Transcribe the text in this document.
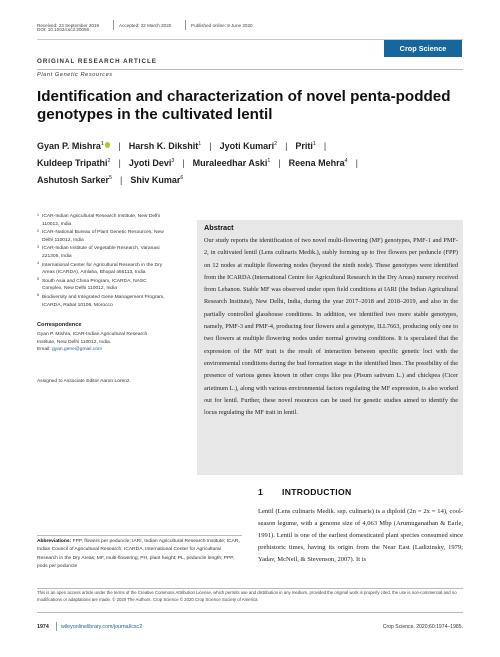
Received: 23 September 2019	Accepted: 22 March 2020	Published online: 9 June 2020
DOI: 10.1002/csc2.20056
Crop Science
ORIGINAL RESEARCH ARTICLE
Plant Genetic Resources
Identification and characterization of novel penta-podded genotypes in the cultivated lentil
Gyan P. Mishra$^1$ | Harsh K. Dikshit$^1$ | Jyoti Kumari$^2$ | Priti$^1$ |
Kuldeep Tripathi$^2$ | Jyoti Devi$^3$ | Muraleedhar Aski$^1$ | Reena Mehra$^4$ |
Ashutosh Sarker$^5$ | Shiv Kumar$^6$
1 ICAR-Indian Agricultural Research Institute, New Delhi 110012, India
2 ICAR-National Bureau of Plant Genetic Resources, New Delhi 110012, India
3 ICAR-Indian Institute of Vegetable Research, Varanasi 221305, India
4 International Center for Agricultural Research in the Dry Areas (ICARDA), Amlaha, Bhopal 466113, India
5 South Asia and China Program, ICARDA, NASC Complex, New Delhi 110012, India
6 Biodiversity and Integrated Gene Management Program, ICARDA, Rabat 10106, Morocco
Correspondence
Gyan P. Mishra, ICAR-Indian Agricultural Research Institute, New Delhi 110012, India.
Email: gyan.gene@gmail.com
Assigned to Associate Editor Aaron Lorenz.
Abstract
Our study reports the identification of two novel multi-flowering (MF) genotypes, PMF-1 and PMF-2, in cultivated lentil (Lens culinaris Medik.), stably forming up to five flowers per peduncle (FPP) on 12 nodes at multiple flowering nodes (beyond the ninth node). These genotypes were identified from the ICARDA (International Centre for Agricultural Research in the Dry Areas) nursery received from Lebanon. Stable MF was observed under open field conditions at IARI (the Indian Agricultural Research Institute), New Delhi, India, during the year 2017–2018 and 2018–2019, and also in the partially controlled glasshouse conditions. In addition, we identified two more stable genotypes, namely, PMF-3 and PMF-4, producing four flowers and a genotype, ILL7663, producing only one to two flowers at multiple flowering nodes under normal growing conditions. It is speculated that the expression of the MF trait is the result of interaction between specific genetic loci with the environmental conditions during the bud formation stage in the identified lines. The possibility of the presence of various genes known in other crops like pea (Pisum sativum L.) and chickpea (Cicer arietinum L.), along with various environmental factors regulating the MF expression, is also worked out for lentil. Further, these novel resources can be used for genetic studies aimed to identify the locus regulating the MF trait in lentil.
1 INTRODUCTION
Lentil (Lens culinaris Medik. ssp. culinaris) is a diploid (2n = 2x = 14), cool-season legume, with a genome size of 4,063 Mbp (Arumuganathan & Earle, 1991). Lentil is one of the earliest domesticated plant species consumed since prehistoric times, having its origin from the Near East (Ladizinsky, 1979; Yadav, McNeil, & Stevenson, 2007). It is
Abbreviations: FPP, flowers per peduncle; IARI, Indian Agricultural Research Institute; ICAR, Indian Council of Agricultural Research; ICARDA, International Center for Agricultural Research in the Dry Areas; MF, multi-flowering; PH, plant height; PL, peduncle length; PPP, pods per peduncle
This is an open access article under the terms of the Creative Commons Attribution License, which permits use and distribution in any medium, provided the original work is properly cited, the use is non-commercial and no modifications or adaptations are made. © 2020 The Authors. Crop Science © 2020 Crop Science Society of America
1974 wileyonlinelibrary.com/journal/csc2	Crop Science. 2020;60:1974–1985.
